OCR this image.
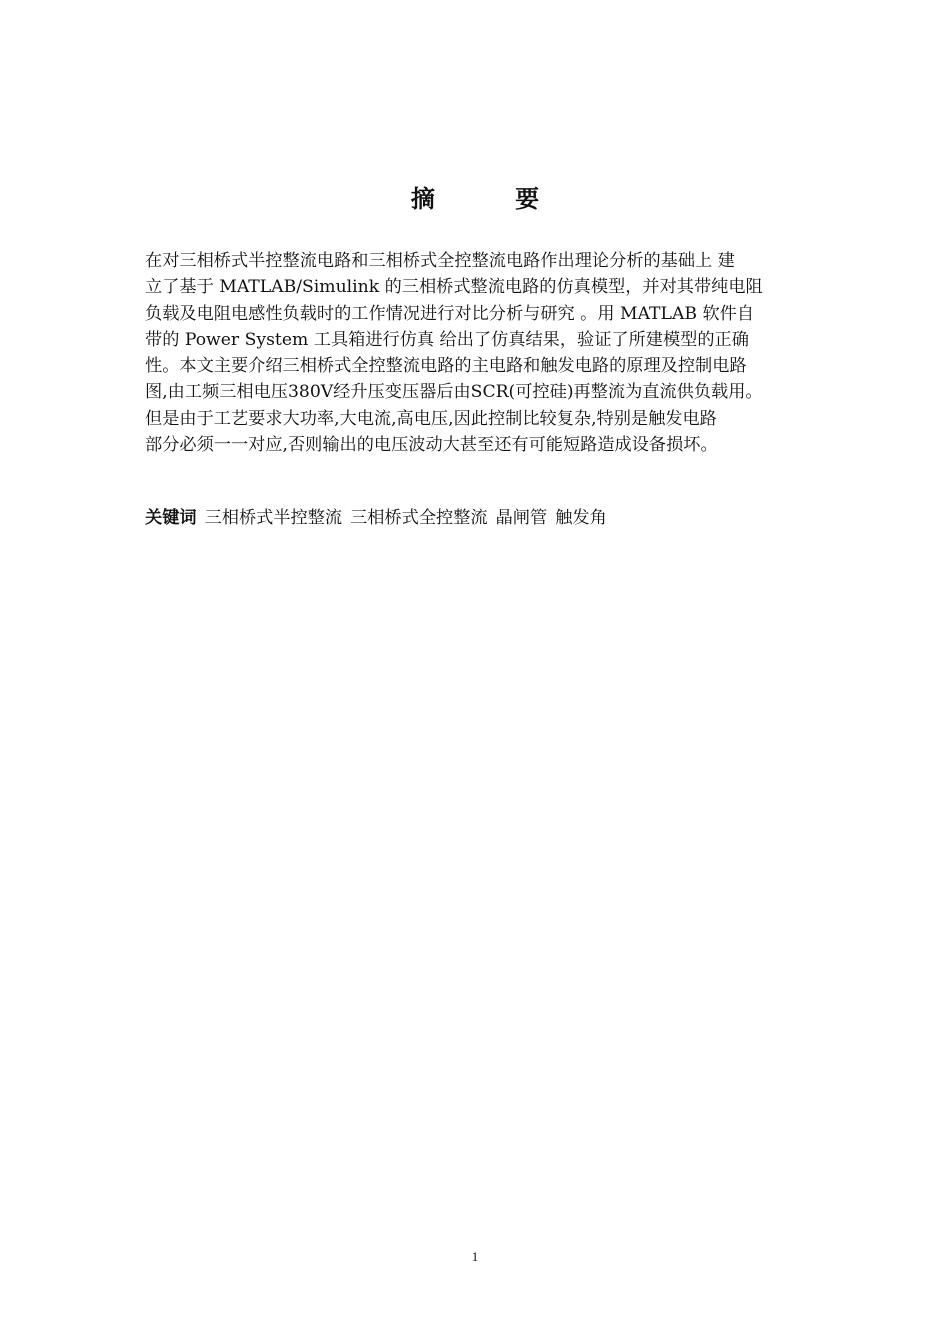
摘 要
在对三相桥式半控整流电路和三相桥式全控整流电路作出理论分析的基础上 建
立了基于 MATLAB/Simulink 的三相桥式整流电路的仿真模型，并对其带纯电阻
负载及电阻电感性负载时的工作情况进行对比分析与研究 。用 MATLAB 软件自
带的 Power System 工具箱进行仿真 给出了仿真结果，验证了所建模型的正确
性。本文主要介绍三相桥式全控整流电路的主电路和触发电路的原理及控制电路
图,由工频三相电压380V经升压变压器后由SCR(可控硅)再整流为直流供负载用。
但是由于工艺要求大功率,大电流,高电压,因此控制比较复杂,特别是触发电路
部分必须一一对应,否则输出的电压波动大甚至还有可能短路造成设备损坏。
关键词 三相桥式半控整流 三相桥式全控整流 晶闸管 触发角
1
